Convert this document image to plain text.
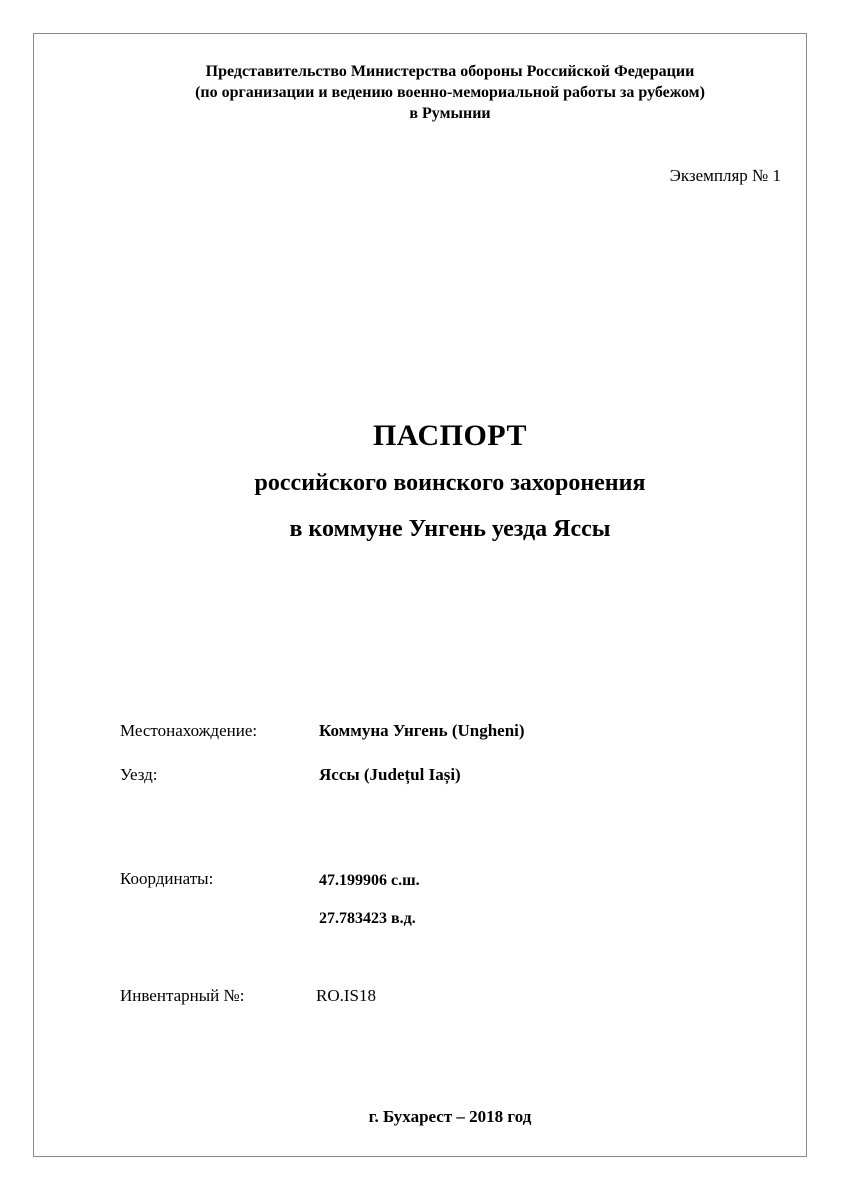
Представительство Министерства обороны Российской Федерации
(по организации и ведению военно-мемориальной работы за рубежом)
в Румынии
Экземпляр № 1
ПАСПОРТ
российского воинского захоронения
в коммуне Унгень уезда Яссы
Местонахождение:	Коммуна Унгень (Ungheni)
Уезд:	Яссы (Județul Iași)
Координаты:	47.199906 с.ш.
27.783423 в.д.
Инвентарный №:	RO.IS18
г. Бухарест – 2018 год
